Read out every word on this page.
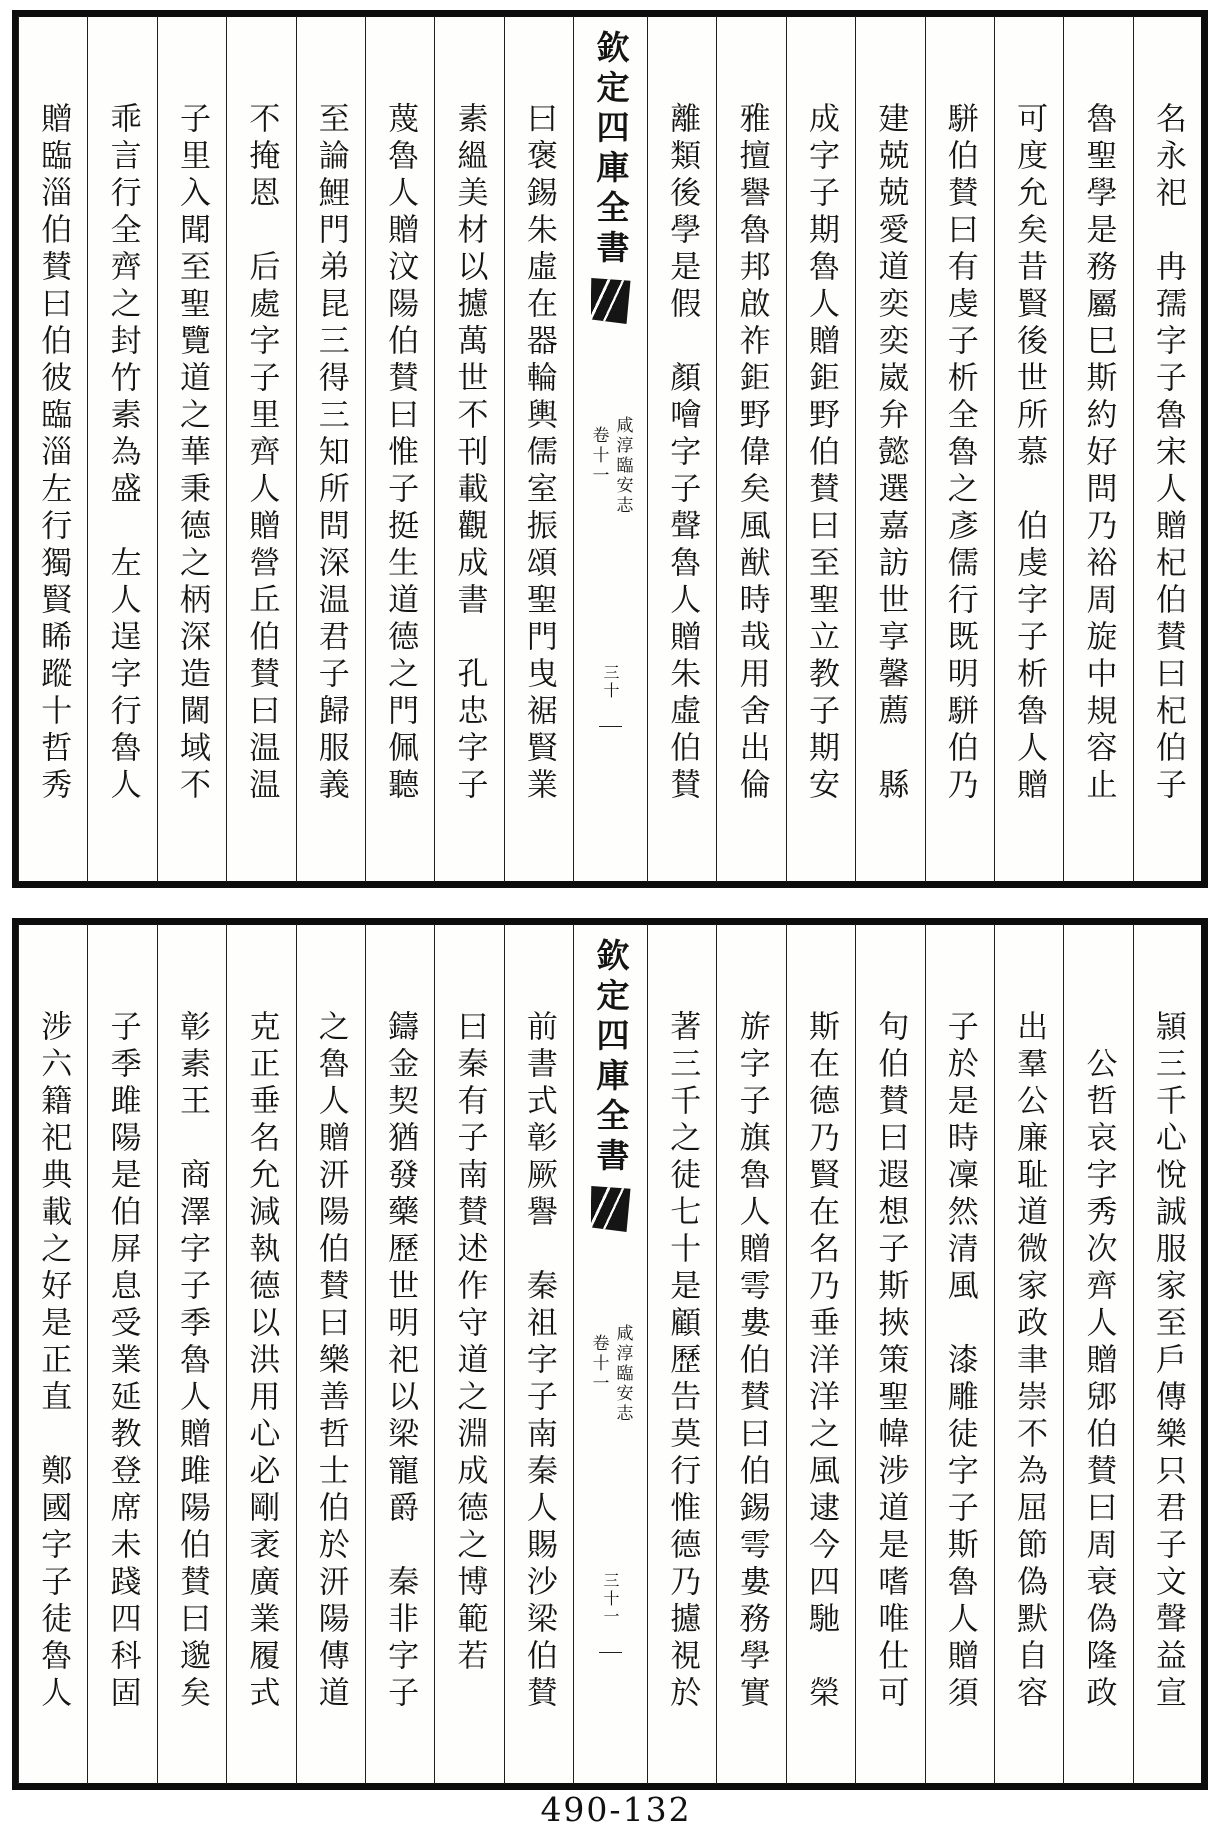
名永祀　冉孺字子魯宋人贈杞伯賛曰杞伯子
魯聖學是務屬巳斯約好問乃裕周旋中規容止
可度允矣昔賢後世所慕　伯虔字子析魯人贈
駢伯賛曰有虔子析全魯之彥儒行既明駢伯乃
建兢兢愛道奕奕崴弁懿選嘉訪世享馨薦　縣
成字子期魯人贈鉅野伯賛曰至聖立教子期安
雅擅譽魯邦啟祚鉅野偉矣風猷時哉用舍出倫
離類後學是假　顏噲字子聲魯人贈朱虛伯賛
欽定四庫全書
咸淳臨安志
卷十一
三十
曰褒錫朱虛在器輪輿儒室振頌聖門曳裾賢業
素縕美材以攄萬世不刊載觀成書　孔忠字子
蔑魯人贈汶陽伯賛曰惟子挺生道德之門佩聽
至論鯉門弟昆三得三知所問深温君子歸服義
不掩恩　后處字子里齊人贈營丘伯賛曰温温
子里入聞至聖覽道之華秉德之柄深造閫域不
乖言行全齊之封竹素為盛　左人逞字行魯人
贈臨淄伯賛曰伯彼臨淄左行獨賢睎蹤十哲秀
頴三千心悅誠服家至戶傳樂只君子文聲益宣
　公哲哀字秀次齊人贈郳伯賛曰周衰偽隆政
出羣公廉耻道微家政聿崇不為屈節偽默自容
子於是時凜然清風　漆雕徒字子斯魯人贈須
句伯賛曰遐想子斯挾策聖幃涉道是嗜唯仕可
斯在德乃賢在名乃垂洋洋之風逮今四馳　榮
旂字子旗魯人贈雩婁伯賛曰伯錫雩婁務學實
著三千之徒七十是顧歷告莫行惟德乃攄視於
欽定四庫全書
咸淳臨安志
卷十一
三十一
前書式彰厥譽　秦祖字子南秦人賜沙梁伯賛
曰秦有子南賛述作守道之淵成德之博範若
鑄金契猶發藥歷世明祀以梁寵爵　秦非字子
之魯人贈汧陽伯賛曰樂善哲士伯於汧陽傳道
克正垂名允減執德以洪用心必剛袤廣業履式
彰素王　商澤字子季魯人贈雎陽伯賛曰邈矣
子季雎陽是伯屏息受業延教登席未踐四科固
涉六籍祀典載之好是正直　鄭國字子徒魯人
490-132
